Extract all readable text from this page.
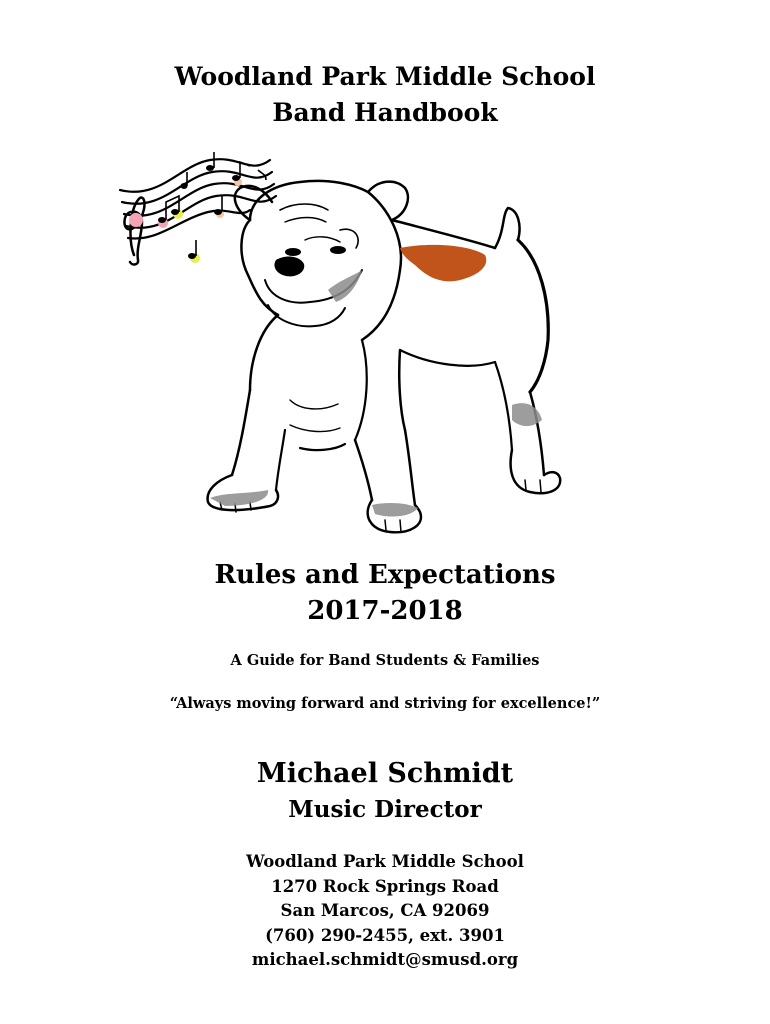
Woodland Park Middle School
Band Handbook
Rules and Expectations
2017-2018
A Guide for Band Students & Families
“Always moving forward and striving for excellence!”
Michael Schmidt
Music Director
Woodland Park Middle School
1270 Rock Springs Road
San Marcos, CA 92069
(760) 290-2455, ext. 3901
michael.schmidt@smusd.org
